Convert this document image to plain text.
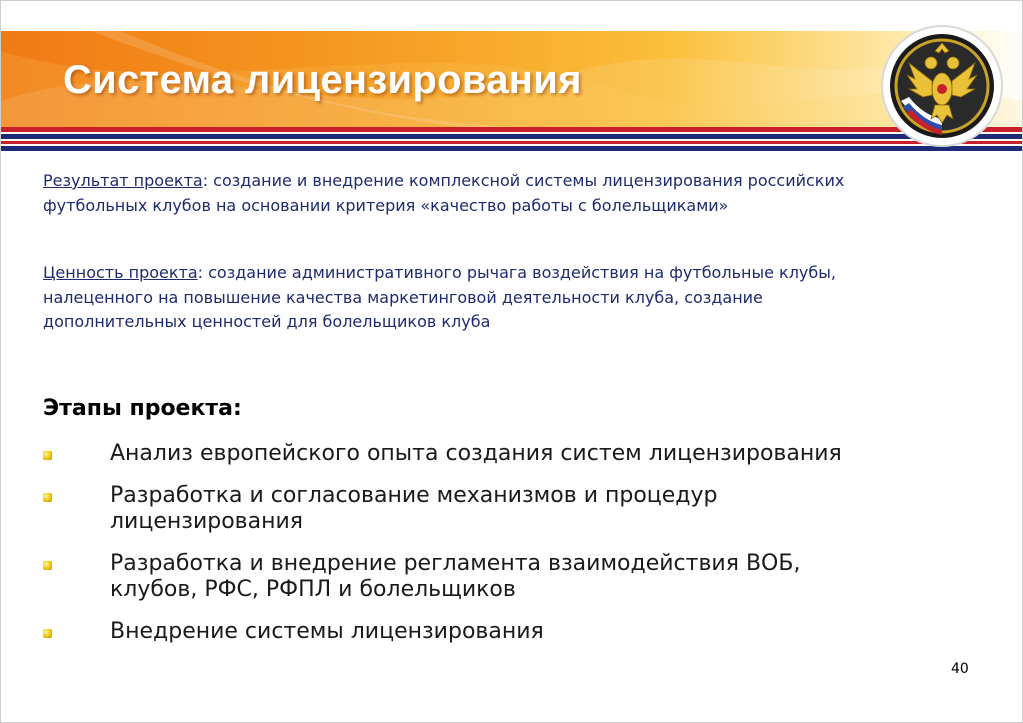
Система лицензирования

Результат проекта: создание и внедрение комплексной системы лицензирования российских футбольных клубов на основании критерия «качество работы с болельщиками»

Ценность проекта: создание административного рычага воздействия на футбольные клубы, налеценного на повышение качества маркетинговой деятельности клуба, создание дополнительных ценностей для болельщиков клуба

Этапы проекта:
Анализ европейского опыта создания систем лицензирования
Разработка и согласование механизмов и процедур лицензирования
Разработка и внедрение регламента взаимодействия ВОБ, клубов, РФС, РФПЛ и болельщиков
Внедрение системы лицензирования
40
